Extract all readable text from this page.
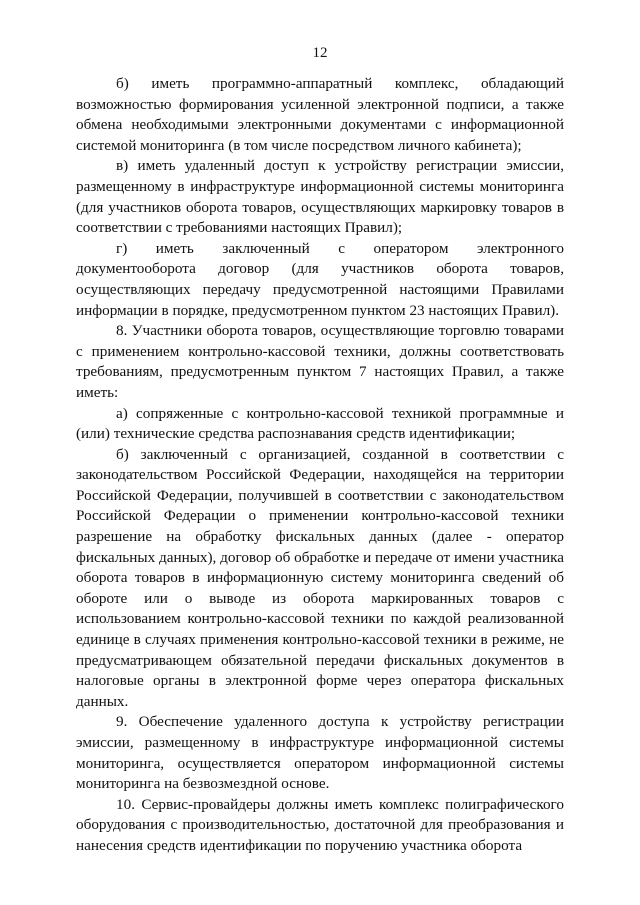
12

б) иметь программно-аппаратный комплекс, обладающий возможностью формирования усиленной электронной подписи, а также обмена необходимыми электронными документами с информационной системой мониторинга (в том числе посредством личного кабинета);

в) иметь удаленный доступ к устройству регистрации эмиссии, размещенному в инфраструктуре информационной системы мониторинга (для участников оборота товаров, осуществляющих маркировку товаров в соответствии с требованиями настоящих Правил);

г) иметь заключенный с оператором электронного документооборота договор (для участников оборота товаров, осуществляющих передачу предусмотренной настоящими Правилами информации в порядке, предусмотренном пунктом 23 настоящих Правил).

8. Участники оборота товаров, осуществляющие торговлю товарами с применением контрольно-кассовой техники, должны соответствовать требованиям, предусмотренным пунктом 7 настоящих Правил, а также иметь:

а) сопряженные с контрольно-кассовой техникой программные и (или) технические средства распознавания средств идентификации;

б) заключенный с организацией, созданной в соответствии с законодательством Российской Федерации, находящейся на территории Российской Федерации, получившей в соответствии с законодательством Российской Федерации о применении контрольно-кассовой техники разрешение на обработку фискальных данных (далее - оператор фискальных данных), договор об обработке и передаче от имени участника оборота товаров в информационную систему мониторинга сведений об обороте или о выводе из оборота маркированных товаров с использованием контрольно-кассовой техники по каждой реализованной единице в случаях применения контрольно-кассовой техники в режиме, не предусматривающем обязательной передачи фискальных документов в налоговые органы в электронной форме через оператора фискальных данных.

9. Обеспечение удаленного доступа к устройству регистрации эмиссии, размещенному в инфраструктуре информационной системы мониторинга, осуществляется оператором информационной системы мониторинга на безвозмездной основе.

10. Сервис-провайдеры должны иметь комплекс полиграфического оборудования с производительностью, достаточной для преобразования и нанесения средств идентификации по поручению участника оборота
